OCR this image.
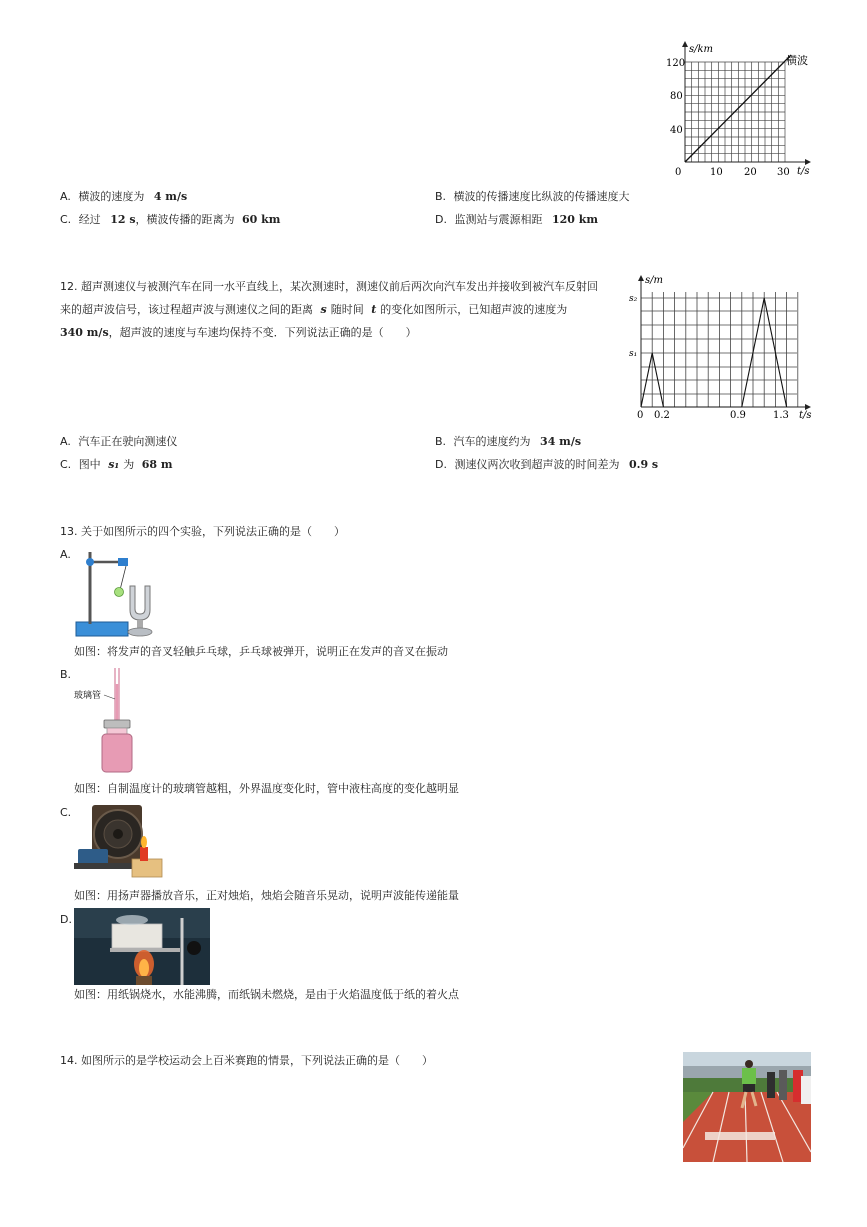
s/km
t/s
横波
120
80
40
0	10 20 30
A. 横波的速度为 4 m/s	B. 横波的传播速度比纵波的传播速度大
C. 经过 12 s，横波传播的距离为 60 km	D. 监测站与震源相距 120 km
12. 超声测速仪与被测汽车在同一水平直线上，某次测速时，测速仪前后两次向汽车发出并接收到被汽车反射回
来的超声波信号，该过程超声波与测速仪之间的距离 s 随时间 t 的变化如图所示，已知超声波的速度为
340 m/s，超声波的速度与车速均保持不变．下列说法正确的是（　　）
s/m
t/s
s₂
s₁
0 0.2	0.9	1.3
A. 汽车正在驶向测速仪	B. 汽车的速度约为 34 m/s
C. 图中 s₁ 为 68 m	D. 测速仪两次收到超声波的时间差为 0.9 s
13. 关于如图所示的四个实验，下列说法正确的是（　　）
A.
如图：将发声的音叉轻触乒乓球，乒乓球被弹开，说明正在发声的音叉在振动
B.
玻璃管
如图：自制温度计的玻璃管越粗，外界温度变化时，管中液柱高度的变化越明显
C.
如图：用扬声器播放音乐，正对烛焰，烛焰会随音乐晃动，说明声波能传递能量
D.
如图：用纸锅烧水，水能沸腾，而纸锅未燃烧，是由于火焰温度低于纸的着火点
14. 如图所示的是学校运动会上百米赛跑的情景，下列说法正确的是（　　）
